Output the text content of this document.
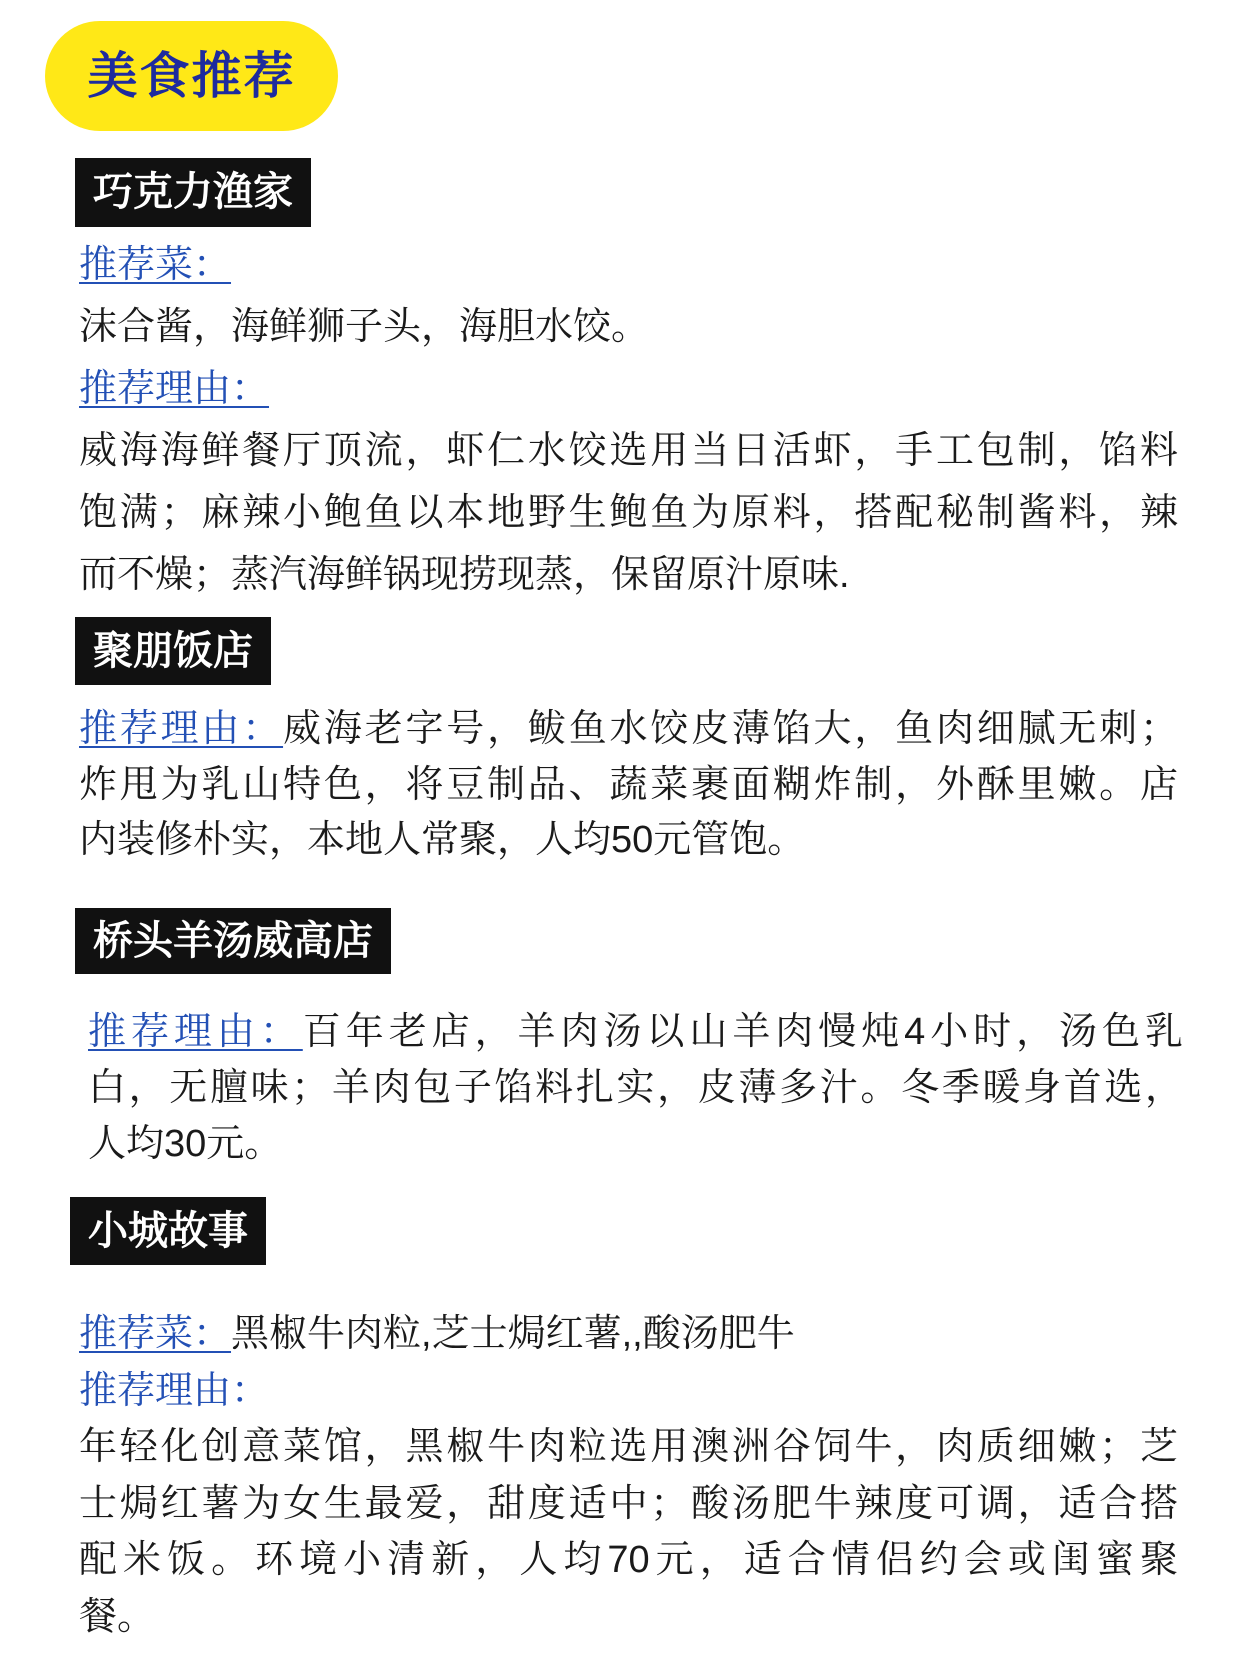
美食推荐
巧克力渔家
推荐菜：
沫合酱，海鲜狮子头，海胆水饺。
推荐理由：
威海海鲜餐厅顶流，虾仁水饺选用当日活虾，手工包制，馅料
饱满；麻辣小鲍鱼以本地野生鲍鱼为原料，搭配秘制酱料，辣
而不燥；蒸汽海鲜锅现捞现蒸，保留原汁原味.
聚朋饭店
推荐理由：威海老字号，鲅鱼水饺皮薄馅大，鱼肉细腻无刺；
炸甩为乳山特色，将豆制品、蔬菜裹面糊炸制，外酥里嫩。店
内装修朴实，本地人常聚，人均50元管饱。
桥头羊汤威高店
推荐理由：百年老店，羊肉汤以山羊肉慢炖4小时，汤色乳
白，无膻味；羊肉包子馅料扎实，皮薄多汁。冬季暖身首选，
人均30元。
小城故事
推荐菜：黑椒牛肉粒,芝士焗红薯,,酸汤肥牛
推荐理由：
年轻化创意菜馆，黑椒牛肉粒选用澳洲谷饲牛，肉质细嫩；芝
士焗红薯为女生最爱，甜度适中；酸汤肥牛辣度可调，适合搭
配米饭。环境小清新，人均70元，适合情侣约会或闺蜜聚
餐。
